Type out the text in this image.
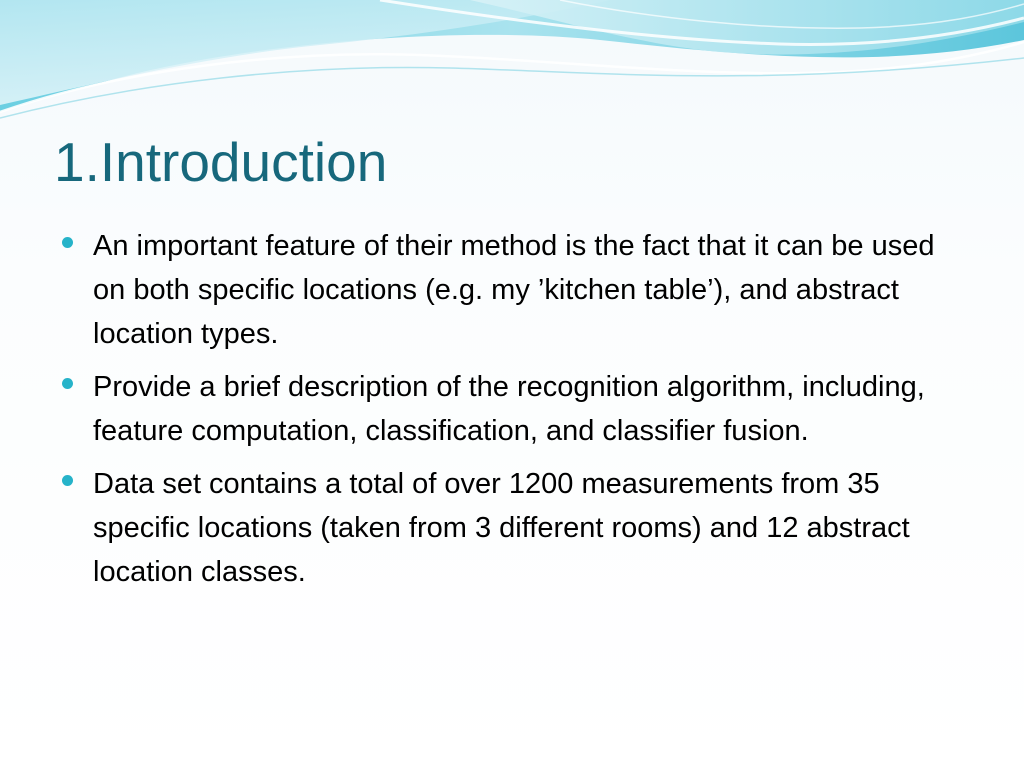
1.Introduction
An important feature of their method is the fact that it can be used on both specific locations (e.g. my ’kitchen table’), and abstract location types.
Provide a brief description of the recognition algorithm, including, feature computation, classification, and classifier fusion.
Data set contains a total of over 1200 measurements from 35 specific locations (taken from 3 different rooms) and 12 abstract location classes.
